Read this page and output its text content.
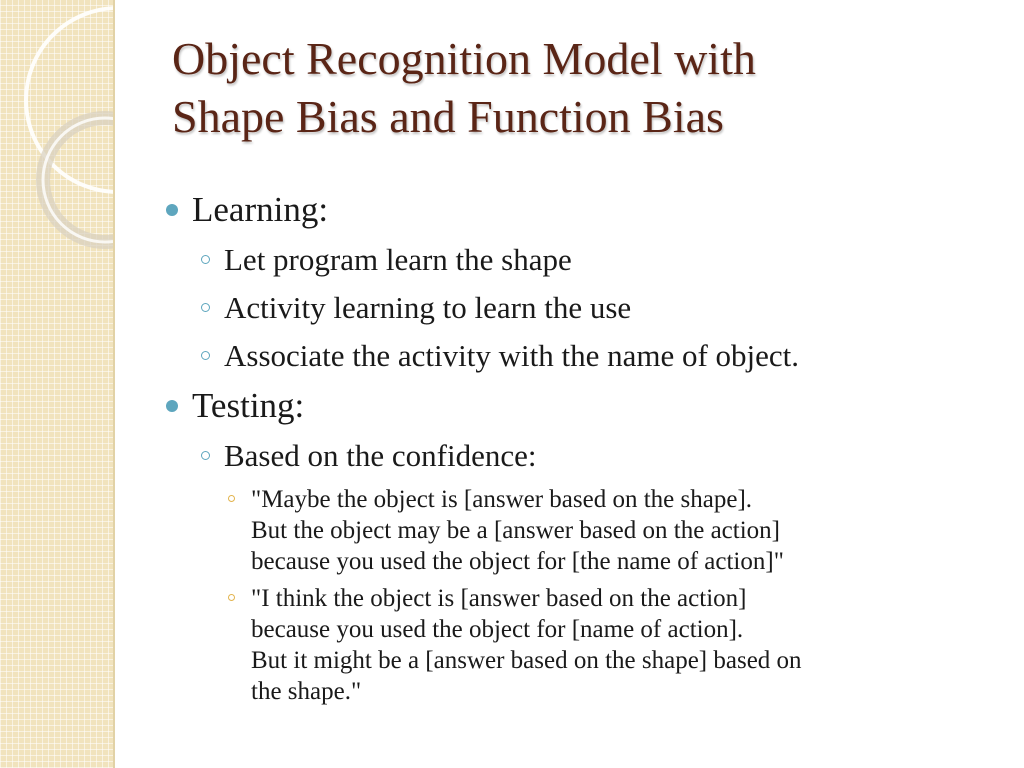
Object Recognition Model with
Shape Bias and Function Bias
Learning:
Let program learn the shape
Activity learning to learn the use
Associate the activity with the name of object.
Testing:
Based on the confidence:
"Maybe the object is [answer based on the shape].
But the object may be a [answer based on the action]
because you used the object for [the name of action]"
"I think the object is [answer based on the action]
because you used the object for [name of action].
But it might be a [answer based on the shape] based on
the shape."
